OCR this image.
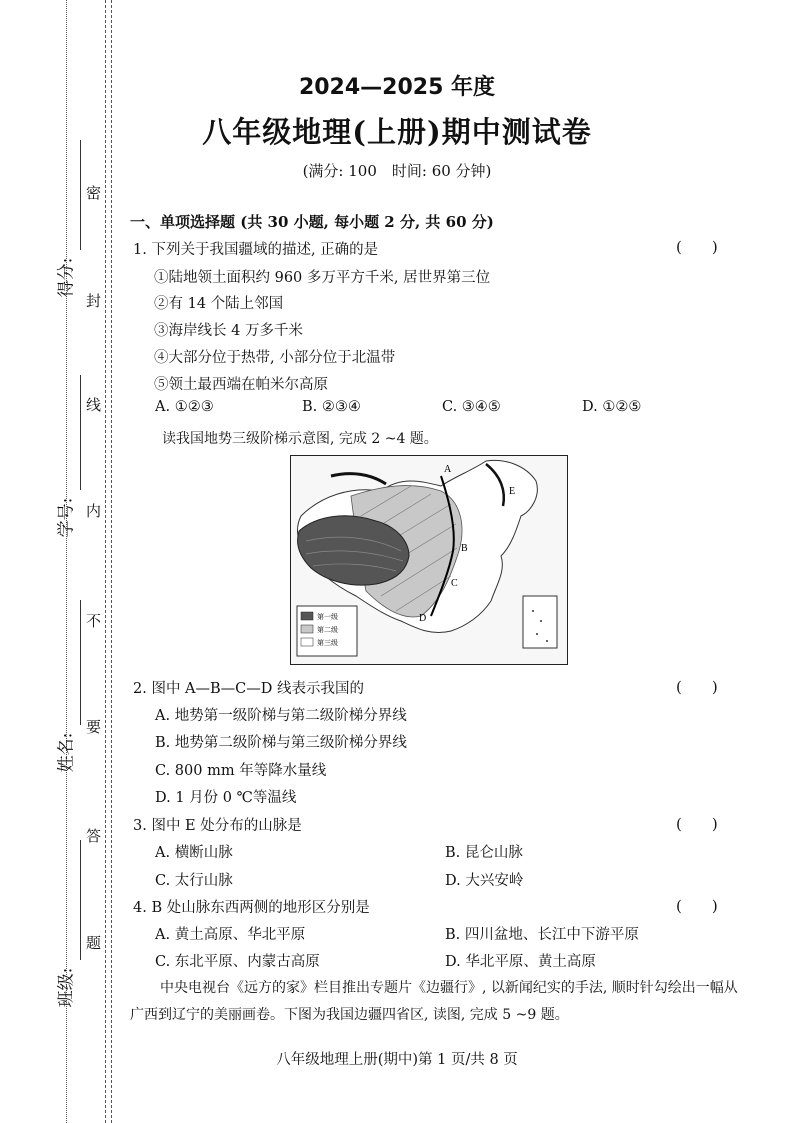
密
封
线
内
不
要
答
题
得分:
学号:
姓名:
班级:
2024—2025 年度
八年级地理(上册)期中测试卷
(满分: 100　时间: 60 分钟)
一、单项选择题 (共 30 小题, 每小题 2 分, 共 60 分)
1. 下列关于我国疆域的描述, 正确的是	(　　)
①陆地领土面积约 960 多万平方千米, 居世界第三位
②有 14 个陆上邻国
③海岸线长 4 万多千米
④大部分位于热带, 小部分位于北温带
⑤领土最西端在帕米尔高原
A. ①②③	B. ②③④	C. ③④⑤	D. ①②⑤
读我国地势三级阶梯示意图, 完成 2 ~4 题。
A
B
C
D
E
第一级
第二级
第三级
2. 图中 A—B—C—D 线表示我国的	(　　)
A. 地势第一级阶梯与第二级阶梯分界线
B. 地势第二级阶梯与第三级阶梯分界线
C. 800 mm 年等降水量线
D. 1 月份 0 ℃等温线
3. 图中 E 处分布的山脉是	(　　)
A. 横断山脉	B. 昆仑山脉
C. 太行山脉	D. 大兴安岭
4. B 处山脉东西两侧的地形区分别是	(　　)
A. 黄土高原、华北平原	B. 四川盆地、长江中下游平原
C. 东北平原、内蒙古高原	D. 华北平原、黄土高原
中央电视台《远方的家》栏目推出专题片《边疆行》, 以新闻纪实的手法, 顺时针勾绘出一幅从广西到辽宁的美丽画卷。下图为我国边疆四省区, 读图, 完成 5 ~9 题。
八年级地理上册(期中)第 1 页/共 8 页
